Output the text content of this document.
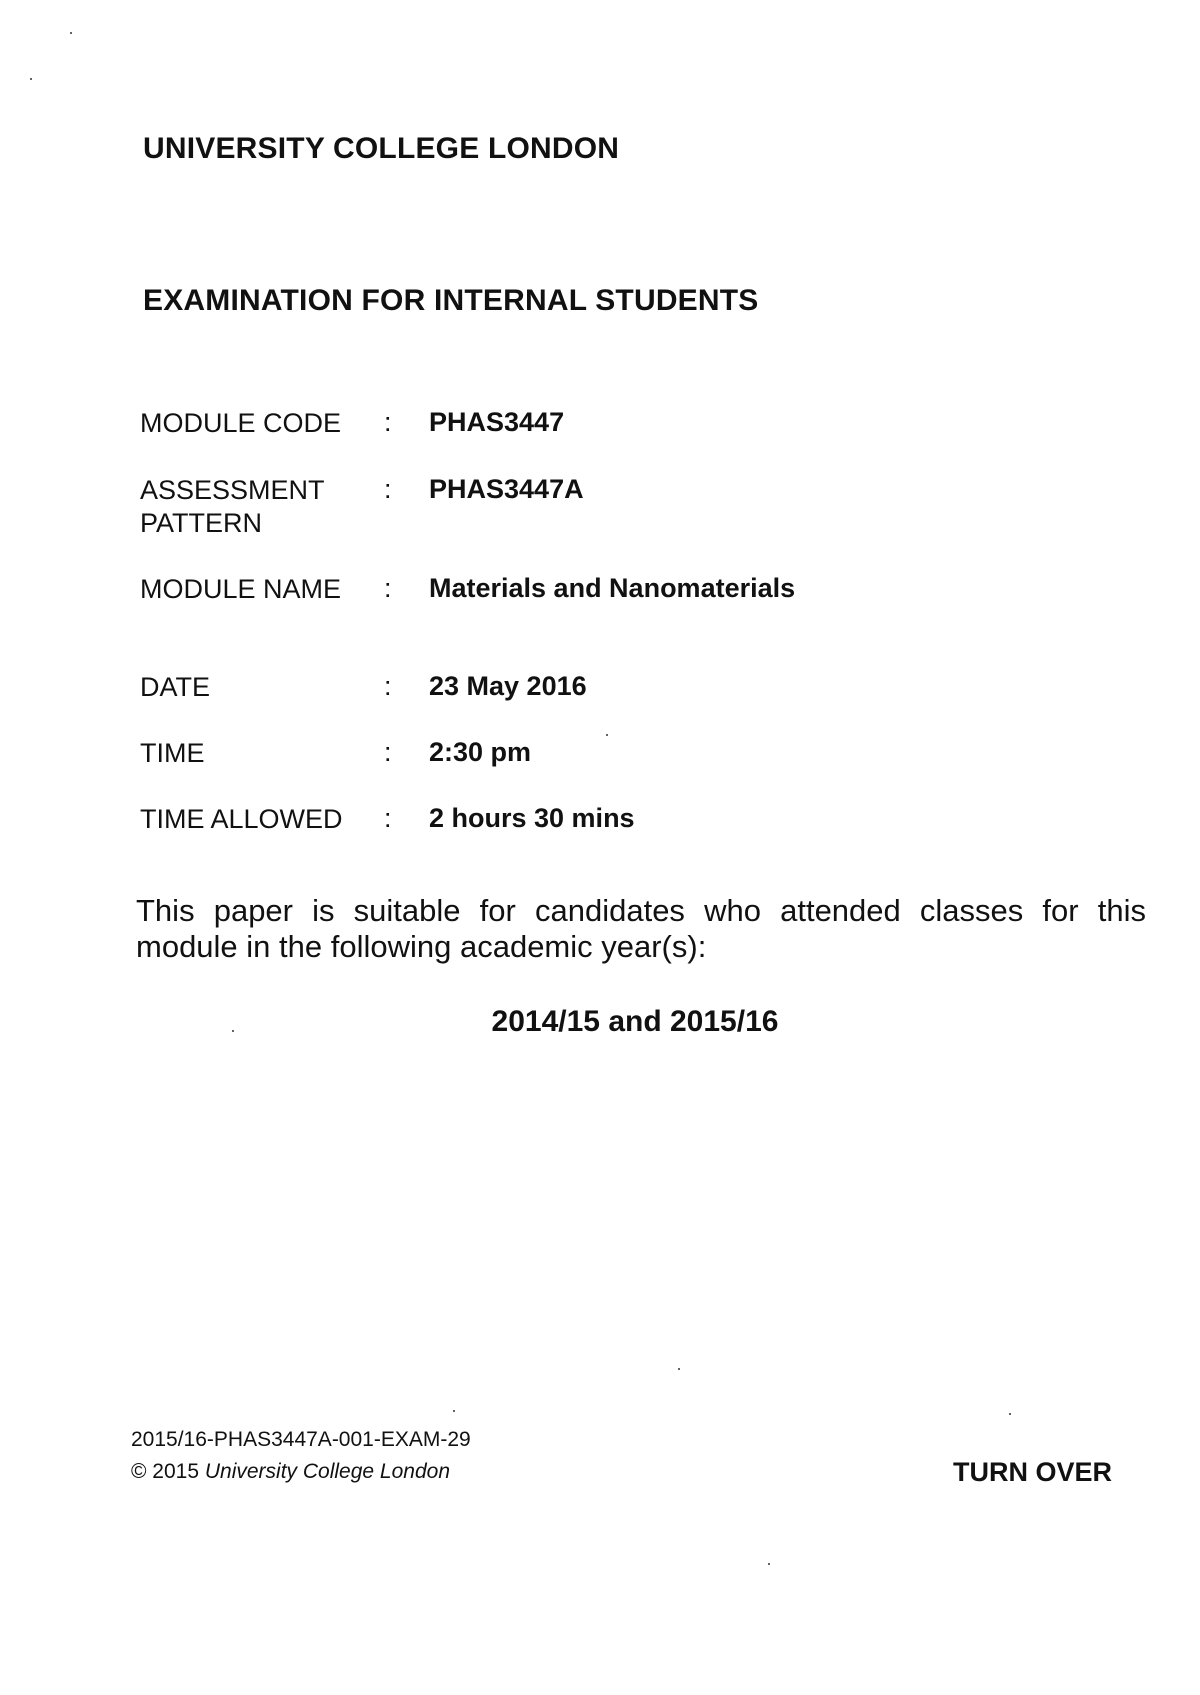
UNIVERSITY COLLEGE LONDON
EXAMINATION FOR INTERNAL STUDENTS
MODULE CODE	: PHAS3447
ASSESSMENT
PATTERN
: PHAS3447A
MODULE NAME	: Materials and Nanomaterials
DATE	: 23 May 2016
TIME	: 2:30 pm
TIME ALLOWED	: 2 hours 30 mins
This paper is suitable for candidates who attended classes for this module in the following academic year(s):
2014/15 and 2015/16
2015/16-PHAS3447A-001-EXAM-29
© 2015 University College London	TURN OVER
